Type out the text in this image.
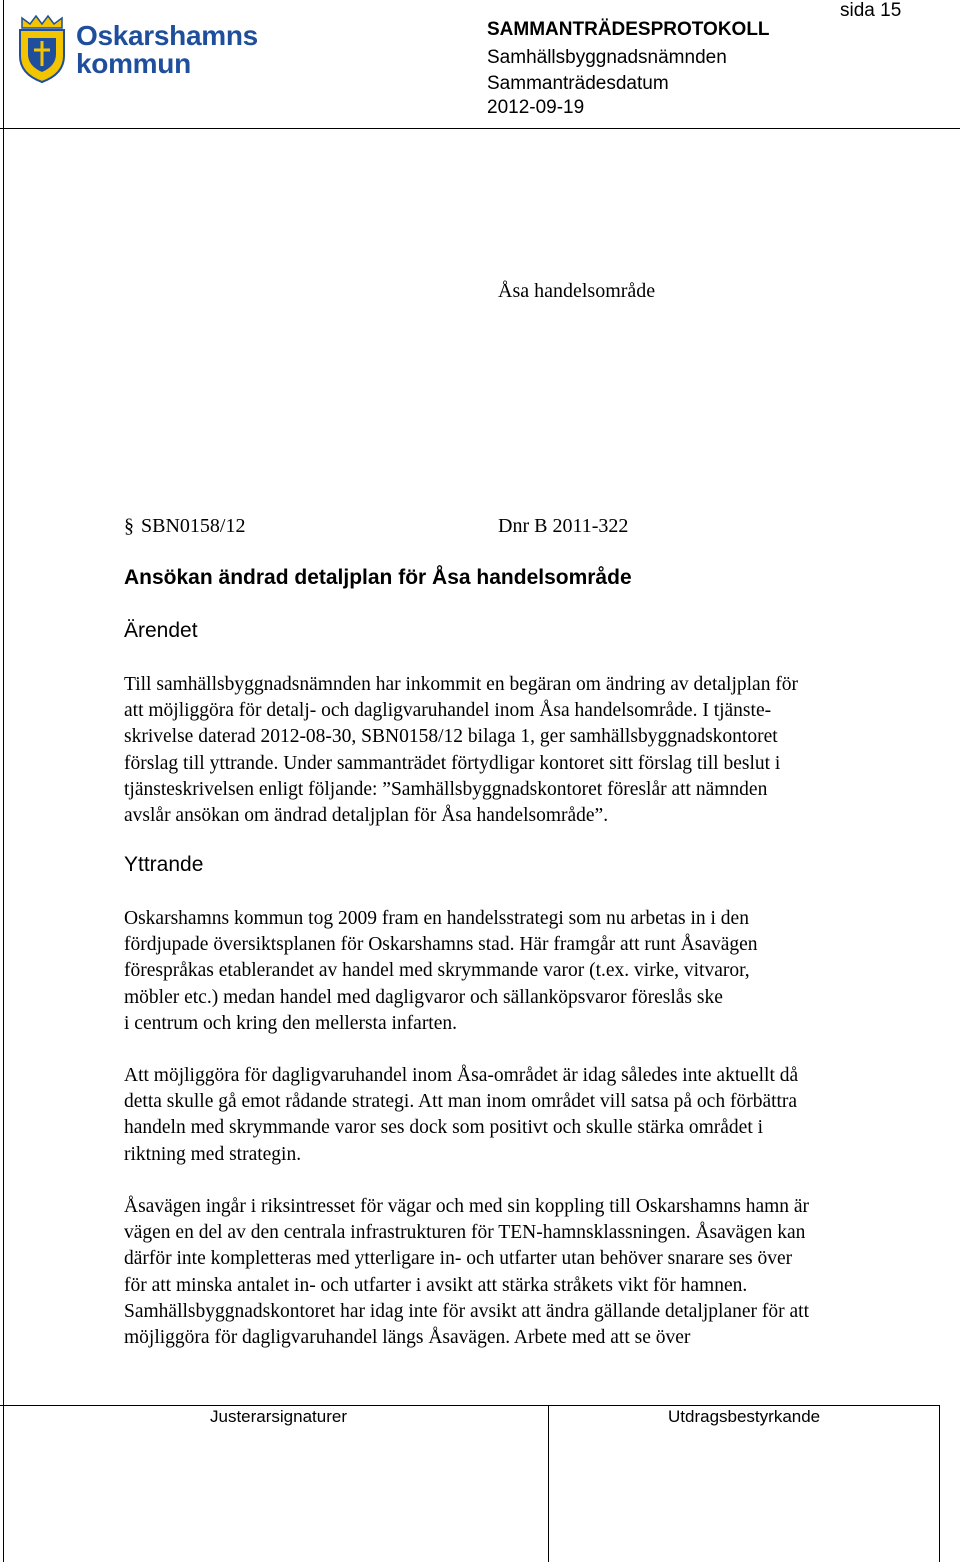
Oskarshamns
kommun
SAMMANTRÄDESPROTOKOLL
Samhällsbyggnadsnämnden
Sammanträdesdatum
2012-09-19
sida 15
Åsa handelsområde
§ SBN0158/12	Dnr B 2011-322
Ansökan ändrad detaljplan för Åsa handelsområde
Ärendet
Till samhällsbyggnadsnämnden har inkommit en begäran om ändring av detaljplan för
att möjliggöra för detalj- och dagligvaruhandel inom Åsa handelsområde. I tjänste-
skrivelse daterad 2012-08-30, SBN0158/12 bilaga 1, ger samhällsbyggnadskontoret
förslag till yttrande. Under sammanträdet förtydligar kontoret sitt förslag till beslut i
tjänsteskrivelsen enligt följande: ”Samhällsbyggnadskontoret föreslår att nämnden
avslår ansökan om ändrad detaljplan för Åsa handelsområde”.
Yttrande
Oskarshamns kommun tog 2009 fram en handelsstrategi som nu arbetas in i den
fördjupade översiktsplanen för Oskarshamns stad. Här framgår att runt Åsavägen
förespråkas etablerandet av handel med skrymmande varor (t.ex. virke, vitvaror,
möbler etc.) medan handel med dagligvaror och sällanköpsvaror föreslås ske
i centrum och kring den mellersta infarten.
Att möjliggöra för dagligvaruhandel inom Åsa-området är idag således inte aktuellt då
detta skulle gå emot rådande strategi. Att man inom området vill satsa på och förbättra
handeln med skrymmande varor ses dock som positivt och skulle stärka området i
riktning med strategin.
Åsavägen ingår i riksintresset för vägar och med sin koppling till Oskarshamns hamn är
vägen en del av den centrala infrastrukturen för TEN-hamnsklassningen. Åsavägen kan
därför inte kompletteras med ytterligare in- och utfarter utan behöver snarare ses över
för att minska antalet in- och utfarter i avsikt att stärka stråkets vikt för hamnen.
Samhällsbyggnadskontoret har idag inte för avsikt att ändra gällande detaljplaner för att
möjliggöra för dagligvaruhandel längs Åsavägen. Arbete med att se över
Justerarsignaturer	Utdragsbestyrkande
